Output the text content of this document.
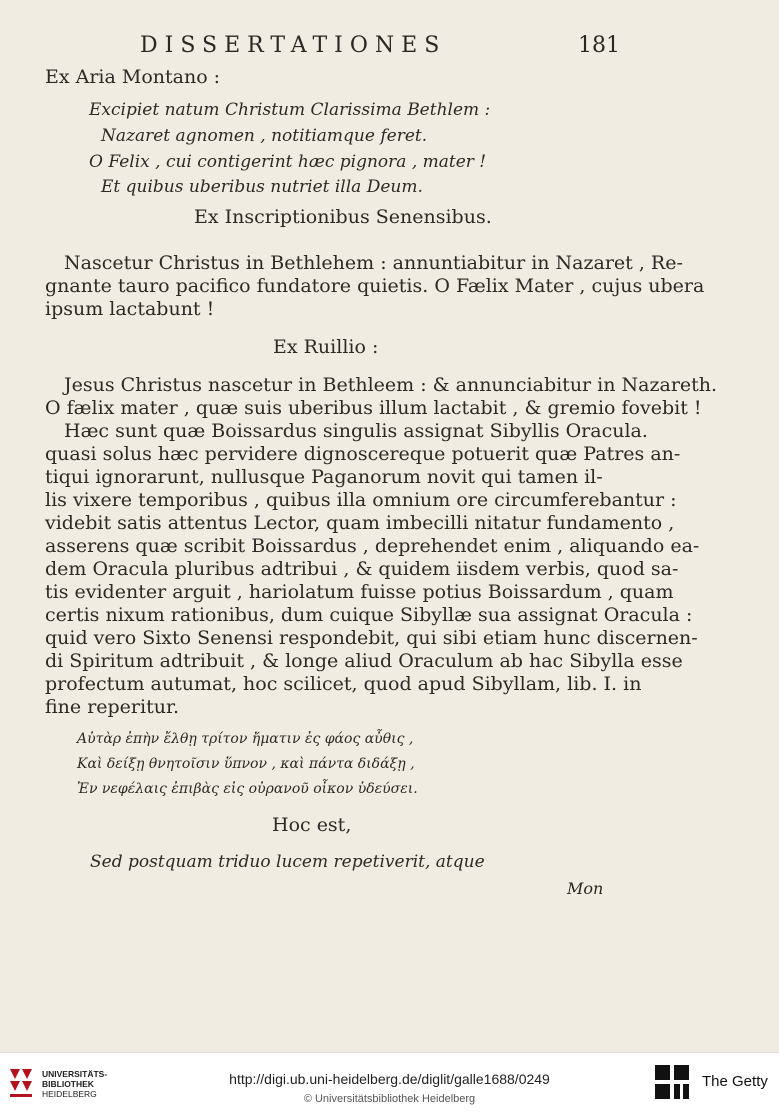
DISSERTATIONES	181
Ex Aria Montano :
Excipiet natum Christum Clarissima Bethlem :
Nazaret agnomen , notitiamque feret.
O Felix , cui contigerint hæc pignora , mater !
Et quibus uberibus nutriet illa Deum.
Ex Inscriptionibus Senensibus.
Nascetur Christus in Bethlehem : annuntiabitur in Nazaret , Re-
gnante tauro pacifico fundatore quietis. O Fælix Mater , cujus ubera
ipsum lactabunt !
Ex Ruillio :
Jesus Christus nascetur in Bethleem : & annunciabitur in Nazareth.
O fælix mater , quæ suis uberibus illum lactabit , & gremio fovebit !
Hæc sunt quæ Boissardus singulis assignat Sibyllis Oracula.
quasi solus hæc pervidere dignoscereque potuerit quæ Patres an-
tiqui ignorarunt, nullusque Paganorum novit qui tamen il-
lis vixere temporibus , quibus illa omnium ore circumferebantur :
videbit satis attentus Lector, quam imbecilli nitatur fundamento ,
asserens quæ scribit Boissardus , deprehendet enim , aliquando ea-
dem Oracula pluribus adtribui , & quidem iisdem verbis, quod sa-
tis evidenter arguit , hariolatum fuisse potius Boissardum , quam
certis nixum rationibus, dum cuique Sibyllæ sua assignat Oracula :
quid vero Sixto Senensi respondebit, qui sibi etiam hunc discernen-
di Spiritum adtribuit , & longe aliud Oraculum ab hac Sibylla esse
profectum autumat, hoc scilicet, quod apud Sibyllam, lib. I. in
fine reperitur.
Αὐτὰρ ἐπὴν ἔλθῃ τρίτον ἤματιν ἐς φάος αὖθις ,
Καὶ δείξῃ θνητοῖσιν ὕπνον , καὶ πάντα διδάξῃ ,
Ἐν νεφέλαις ἐπιβὰς εἰς οὐρανοῦ οἶκον ὑδεύσει.
Hoc est,
Sed postquam triduo lucem repetiverit, atque
Mon
UNIVERSITÄTS-
BIBLIOTHEK
HEIDELBERG
http://digi.ub.uni-heidelberg.de/diglit/galle1688/0249
© Universitätsbibliothek Heidelberg
The Getty
